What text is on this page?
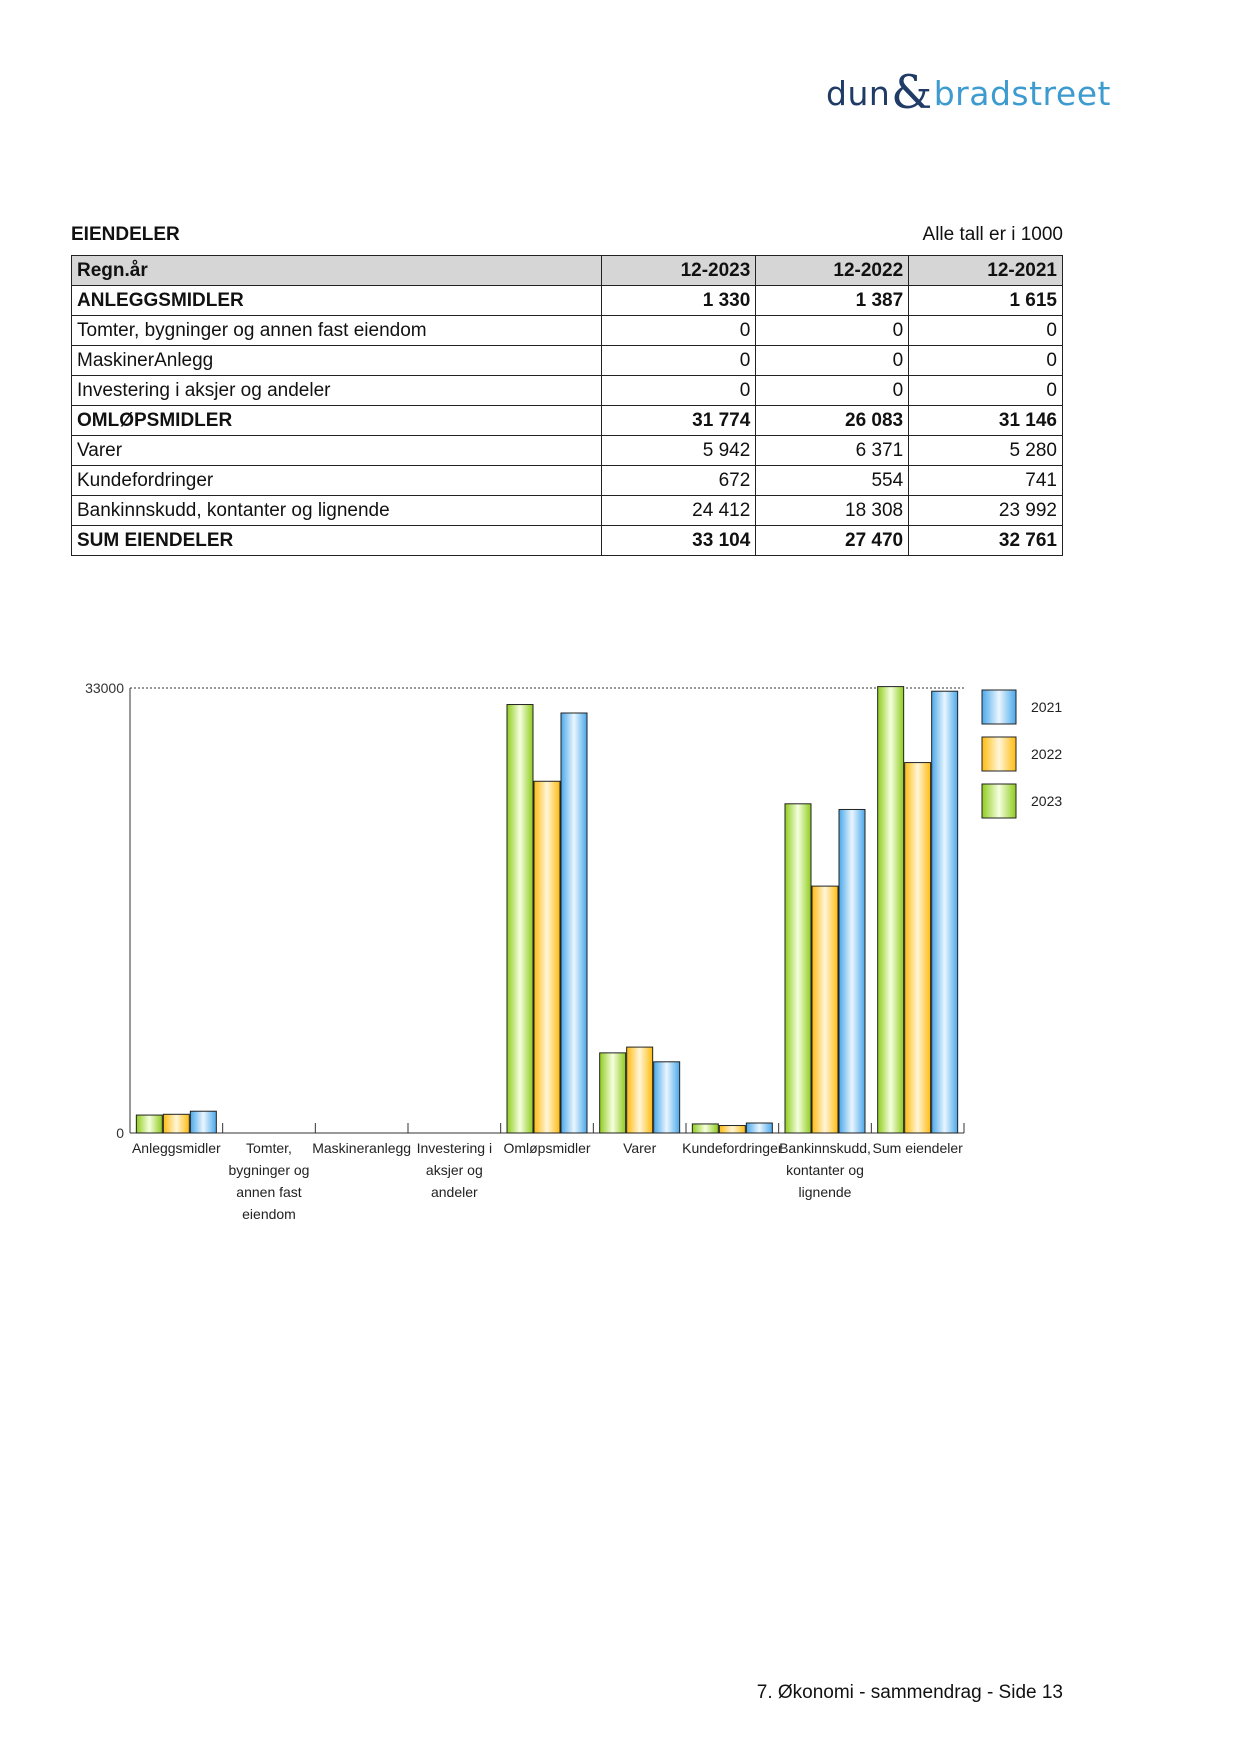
dun & bradstreet
EIENDELER	Alle tall er i 1000
Regn.år	12-2023	12-2022	12-2021
ANLEGGSMIDLER	1 330	1 387	1 615
Tomter, bygninger og annen fast eiendom	0	0	0
MaskinerAnlegg	0	0	0
Investering i aksjer og andeler	0	0	0
OMLØPSMIDLER	31 774	26 083	31 146
Varer	5 942	6 371	5 280
Kundefordringer	672	554	741
Bankinnskudd, kontanter og lignende	24 412	18 308	23 992
SUM EIENDELER	33 104	27 470	32 761
33000
0
Anleggsmidler Tomter,
bygninger og
annen fast
eiendom
Maskineranlegg Investering i
aksjer og
andeler
Omløpsmidler Varer Kundefordringer
Bankinnskudd,
kontanter og
lignende
Sum eiendeler
2021
2022
2023
7. Økonomi - sammendrag - Side 13
